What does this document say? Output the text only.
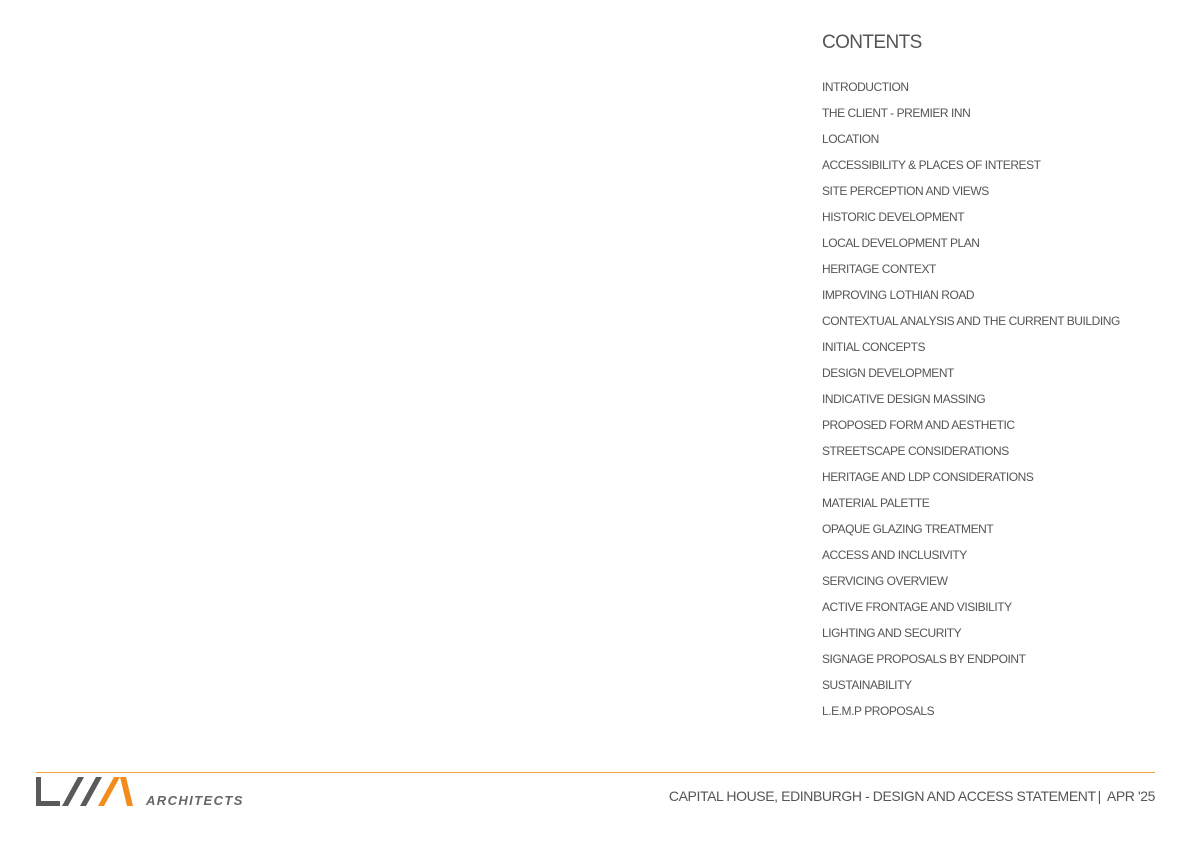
CONTENTS
INTRODUCTION
THE CLIENT - PREMIER INN
LOCATION
ACCESSIBILITY & PLACES OF INTEREST
SITE PERCEPTION AND VIEWS
HISTORIC DEVELOPMENT
LOCAL DEVELOPMENT PLAN
HERITAGE CONTEXT
IMPROVING LOTHIAN ROAD
CONTEXTUAL ANALYSIS AND THE CURRENT BUILDING
INITIAL CONCEPTS
DESIGN DEVELOPMENT
INDICATIVE DESIGN MASSING
PROPOSED FORM AND AESTHETIC
STREETSCAPE CONSIDERATIONS
HERITAGE AND LDP CONSIDERATIONS
MATERIAL PALETTE
OPAQUE GLAZING TREATMENT
ACCESS AND INCLUSIVITY
SERVICING OVERVIEW
ACTIVE FRONTAGE AND VISIBILITY
LIGHTING AND SECURITY
SIGNAGE PROPOSALS BY ENDPOINT
SUSTAINABILITY
L.E.M.P PROPOSALS
ARCHITECTS	CAPITAL HOUSE, EDINBURGH - DESIGN AND ACCESS STATEMENT | APR '25
